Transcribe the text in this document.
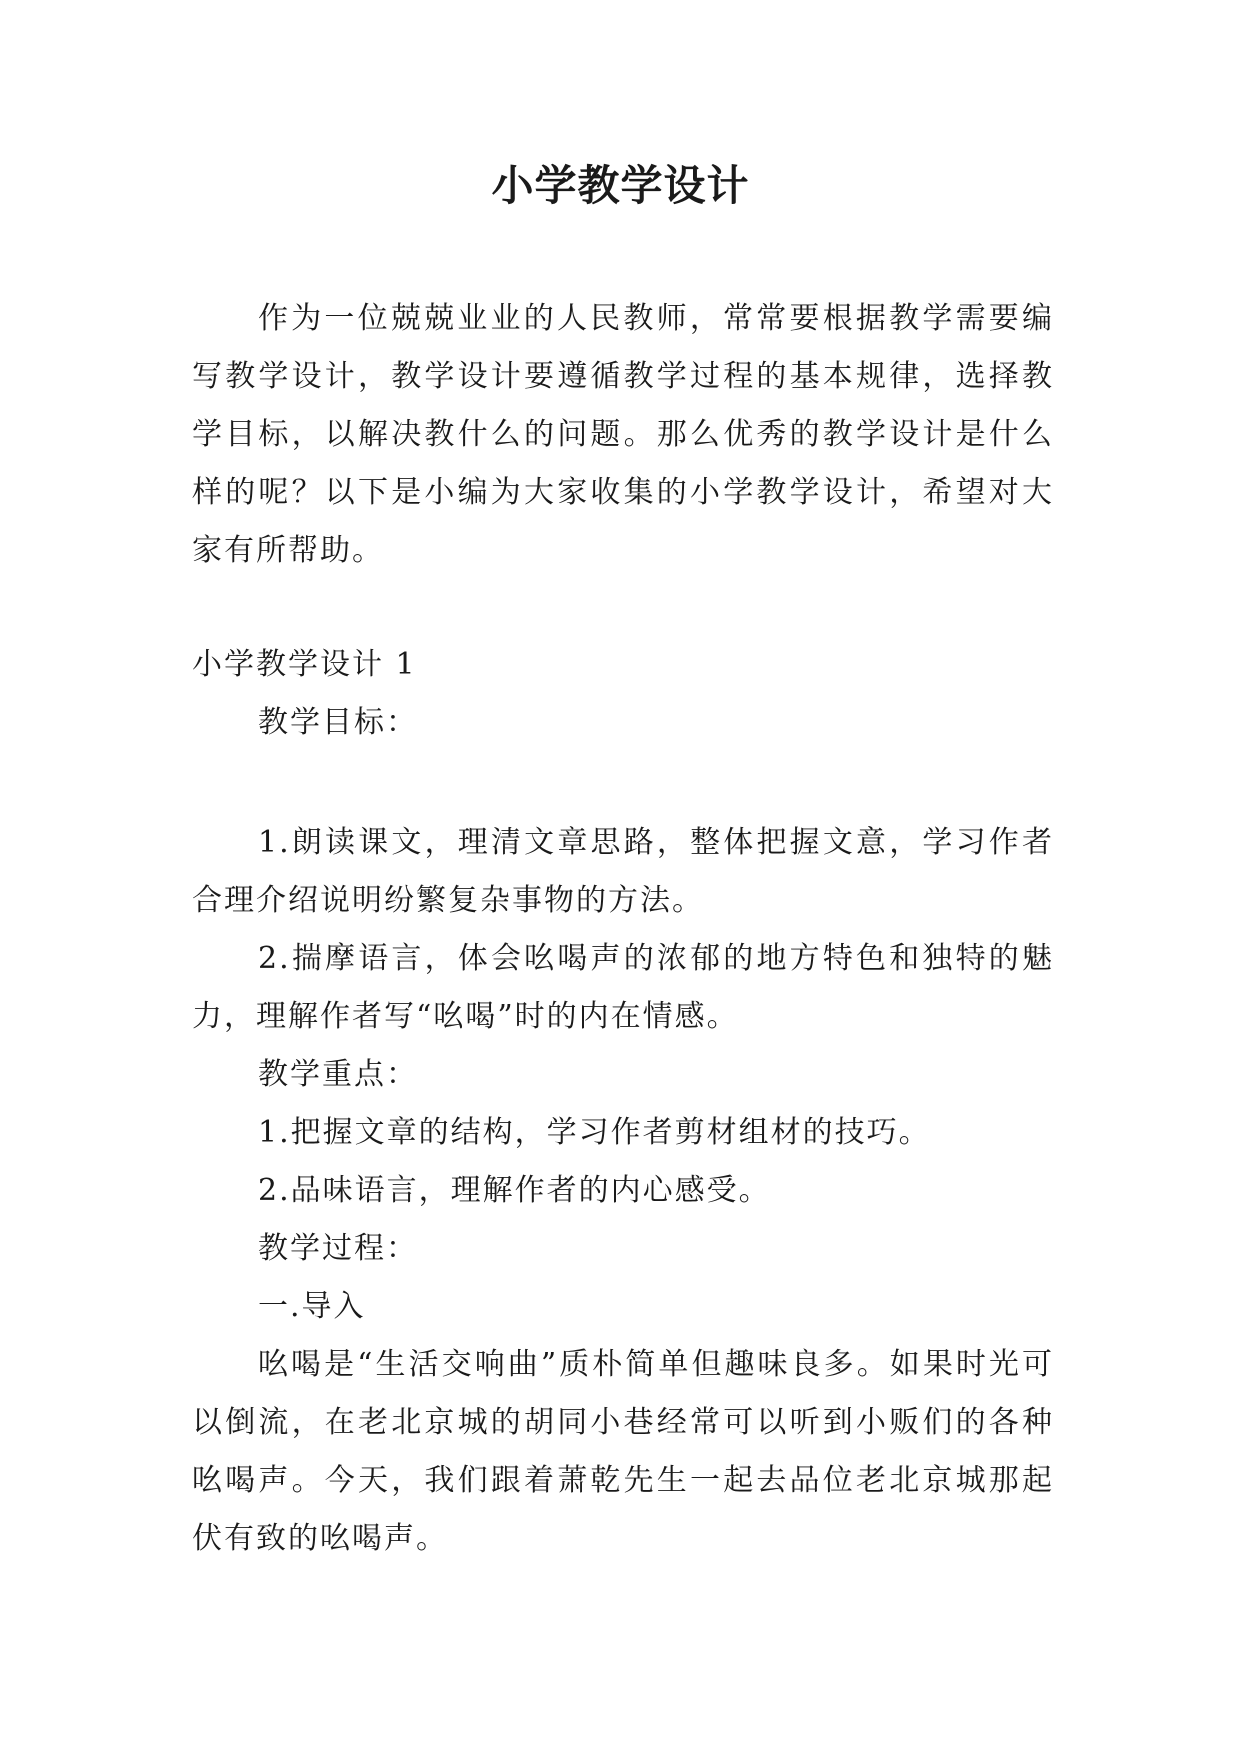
小学教学设计

作为一位兢兢业业的人民教师，常常要根据教学需要编写教学设计，教学设计要遵循教学过程的基本规律，选择教学目标，以解决教什么的问题。那么优秀的教学设计是什么样的呢？以下是小编为大家收集的小学教学设计，希望对大家有所帮助。

小学教学设计 1

教学目标：

1.朗读课文，理清文章思路，整体把握文意，学习作者合理介绍说明纷繁复杂事物的方法。

2.揣摩语言，体会吆喝声的浓郁的地方特色和独特的魅力，理解作者写“吆喝”时的内在情感。

教学重点：

1.把握文章的结构，学习作者剪材组材的技巧。

2.品味语言，理解作者的内心感受。

教学过程：

一.导入

吆喝是“生活交响曲”质朴简单但趣味良多。如果时光可以倒流，在老北京城的胡同小巷经常可以听到小贩们的各种吆喝声。今天，我们跟着萧乾先生一起去品位老北京城那起伏有致的吆喝声。
